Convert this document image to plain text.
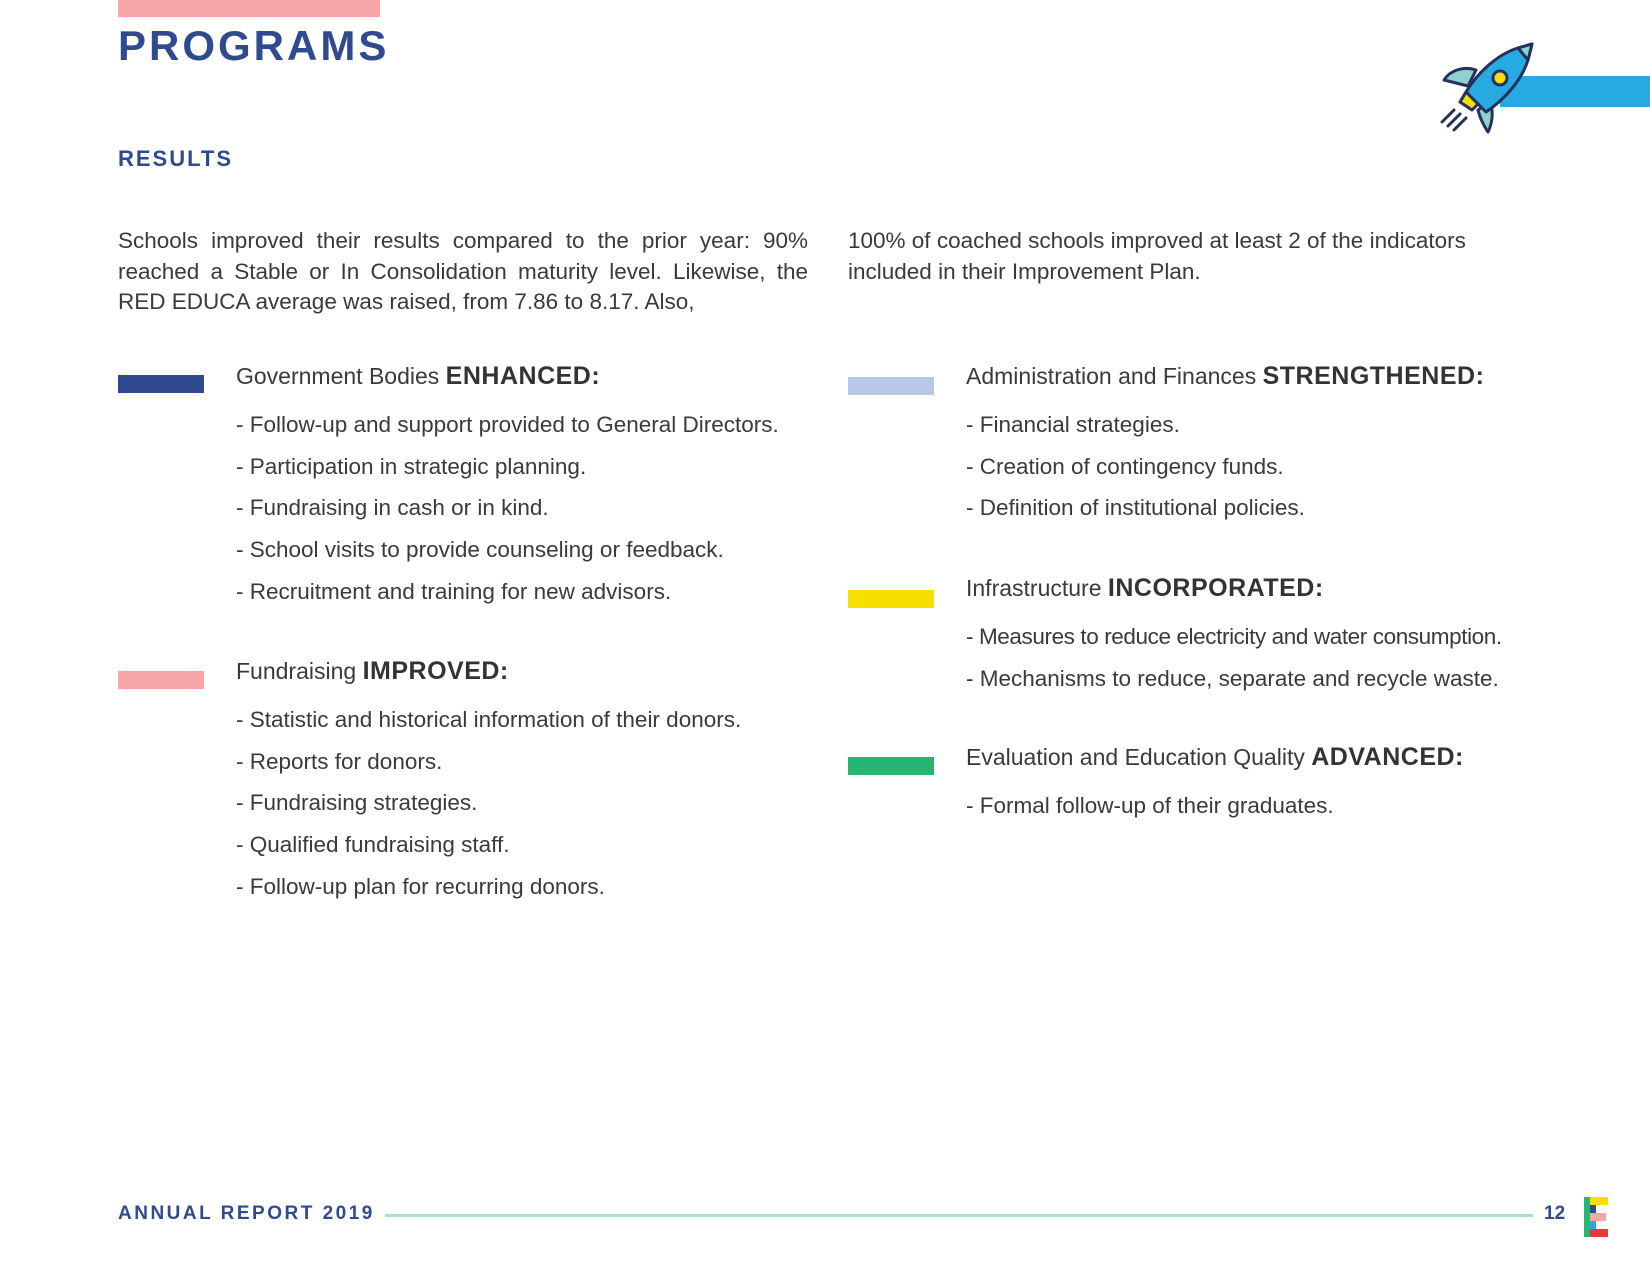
PROGRAMS
RESULTS

Schools improved their results compared to the prior year: 90% reached a Stable or In Consolidation maturity level. Likewise, the RED EDUCA average was raised, from 7.86 to 8.17. Also,

100% of coached schools improved at least 2 of the indicators included in their Improvement Plan.

Government Bodies ENHANCED:
- Follow-up and support provided to General Directors.
- Participation in strategic planning.
- Fundraising in cash or in kind.
- School visits to provide counseling or feedback.
- Recruitment and training for new advisors.
Fundraising IMPROVED:
- Statistic and historical information of their donors.
- Reports for donors.
- Fundraising strategies.
- Qualified fundraising staff.
- Follow-up plan for recurring donors.
Administration and Finances STRENGTHENED:
- Financial strategies.
- Creation of contingency funds.
- Definition of institutional policies.
Infrastructure INCORPORATED:
- Measures to reduce electricity and water consumption.
- Mechanisms to reduce, separate and recycle waste.
Evaluation and Education Quality ADVANCED:
- Formal follow-up of their graduates.

ANNUAL REPORT 2019	12
